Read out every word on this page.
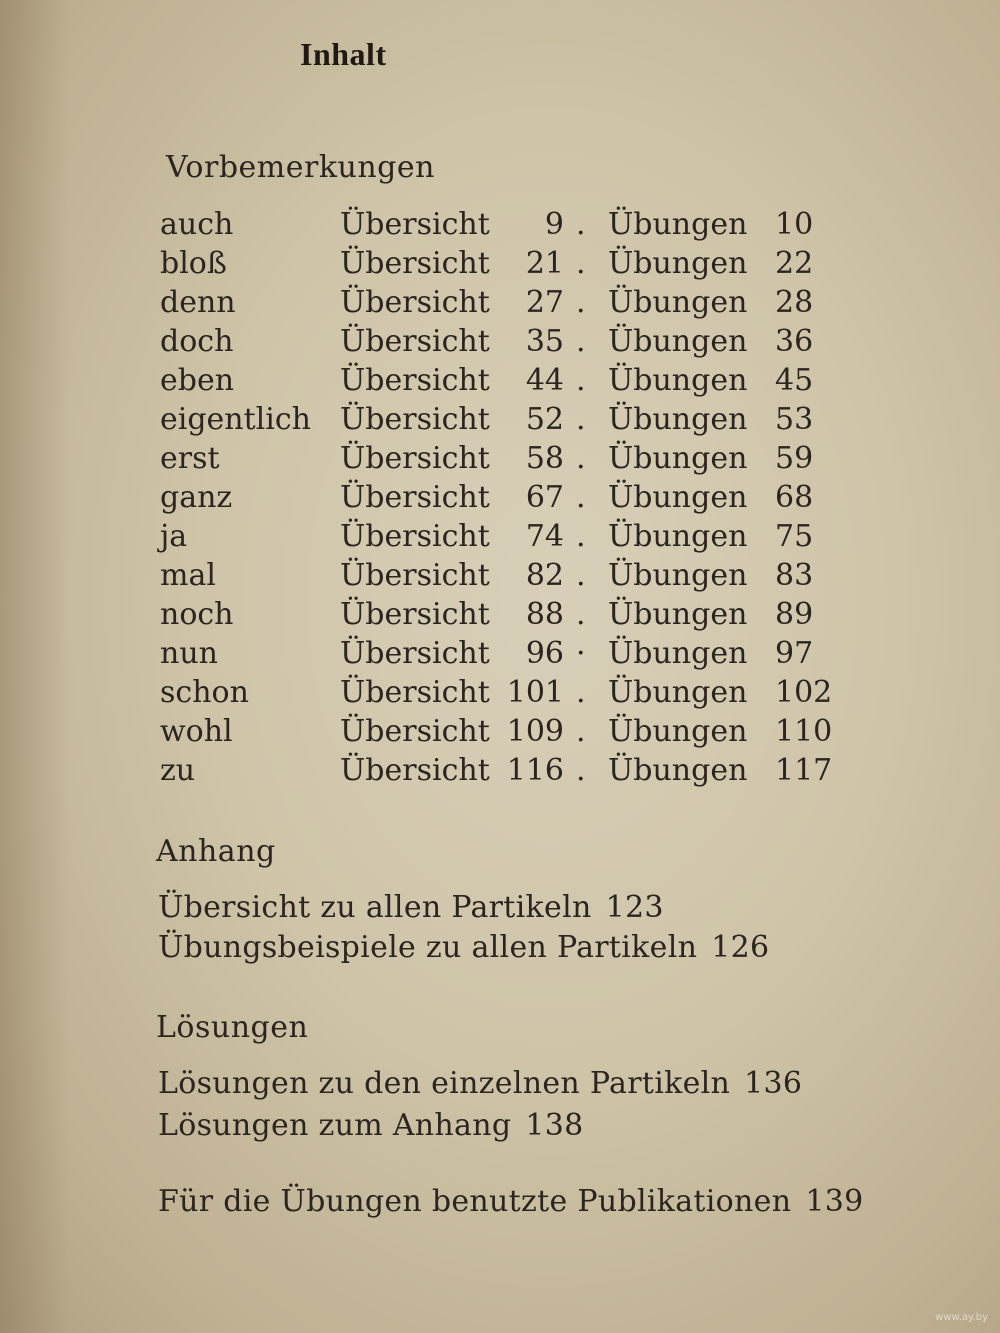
Inhalt
Vorbemerkungen
auch	Übersicht	9 . Übungen 10
bloß	Übersicht	21 . Übungen 22
denn	Übersicht	27 . Übungen 28
doch	Übersicht	35 . Übungen 36
eben	Übersicht	44 . Übungen 45
eigentlich Übersicht	52 . Übungen 53
erst	Übersicht	58 . Übungen 59
ganz	Übersicht	67 . Übungen 68
ja	Übersicht	74 . Übungen 75
mal	Übersicht	82 . Übungen 83
noch	Übersicht	88 . Übungen 89
nun	Übersicht	96 · Übungen 97
schon	Übersicht 101 . Übungen 102
wohl	Übersicht 109 . Übungen 110
zu	Übersicht 116 . Übungen 117
Anhang
Übersicht zu allen Partikeln 123
Übungsbeispiele zu allen Partikeln 126
Lösungen
Lösungen zu den einzelnen Partikeln 136
Lösungen zum Anhang 138
Für die Übungen benutzte Publikationen 139
www.ay.by
